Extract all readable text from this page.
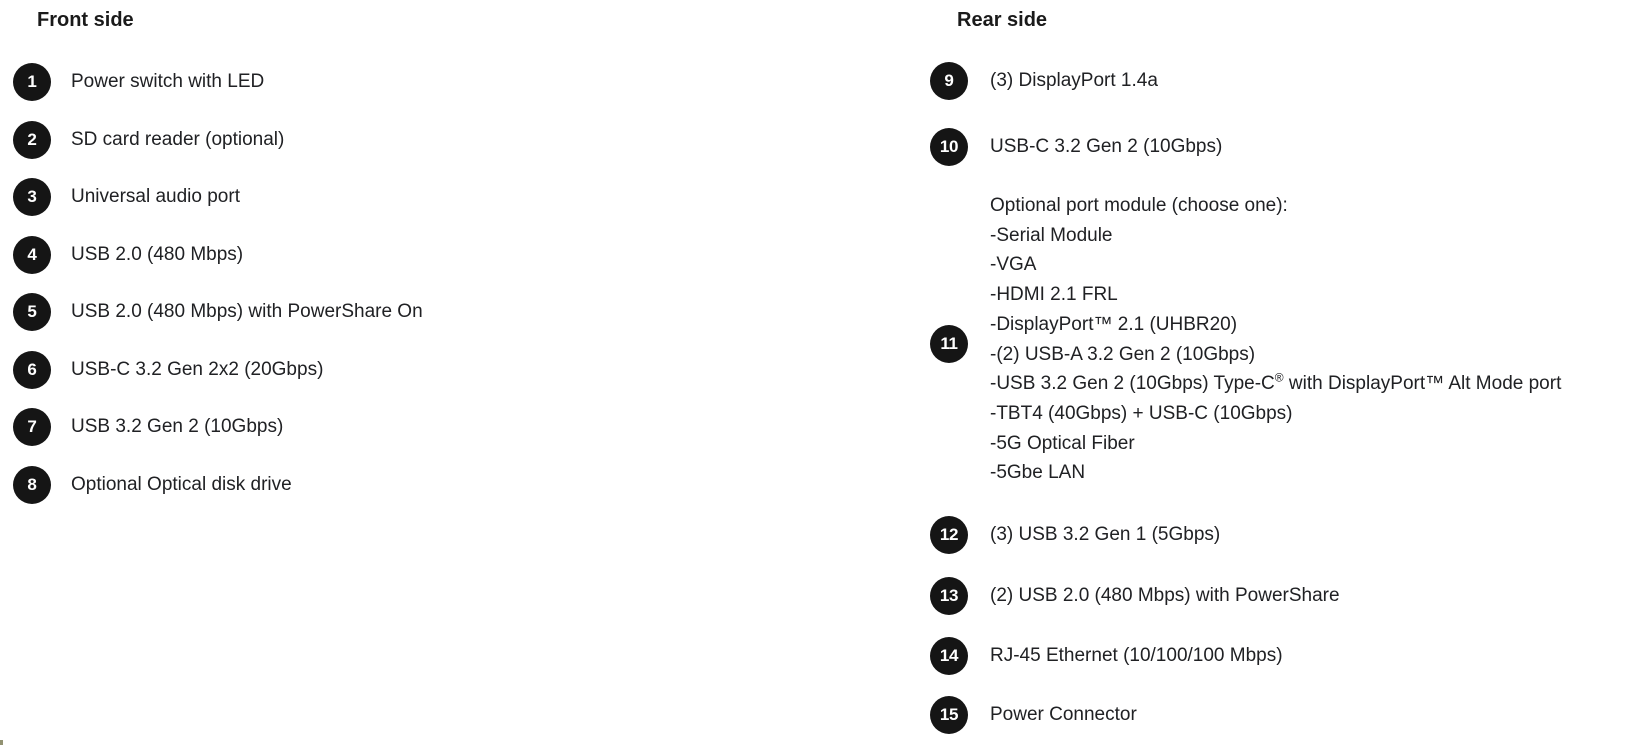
Front side
1	Power switch with LED
2	SD card reader (optional)
3	Universal audio port
4	USB 2.0 (480 Mbps)
5	USB 2.0 (480 Mbps) with PowerShare On
6	USB-C 3.2 Gen 2x2 (20Gbps)
7	USB 3.2 Gen 2 (10Gbps)
8	Optional Optical disk drive
Rear side
9	(3) DisplayPort 1.4a
10	USB-C 3.2 Gen 2 (10Gbps)
11
Optional port module (choose one):
-Serial Module
-VGA
-HDMI 2.1 FRL
-DisplayPort™ 2.1 (UHBR20)
-(2) USB-A 3.2 Gen 2 (10Gbps)
-USB 3.2 Gen 2 (10Gbps) Type-C® with DisplayPort™ Alt Mode port
-TBT4 (40Gbps) + USB-C (10Gbps)
-5G Optical Fiber
-5Gbe LAN
12	(3) USB 3.2 Gen 1 (5Gbps)
13	(2) USB 2.0 (480 Mbps) with PowerShare
14	RJ-45 Ethernet (10/100/100 Mbps)
15	Power Connector
